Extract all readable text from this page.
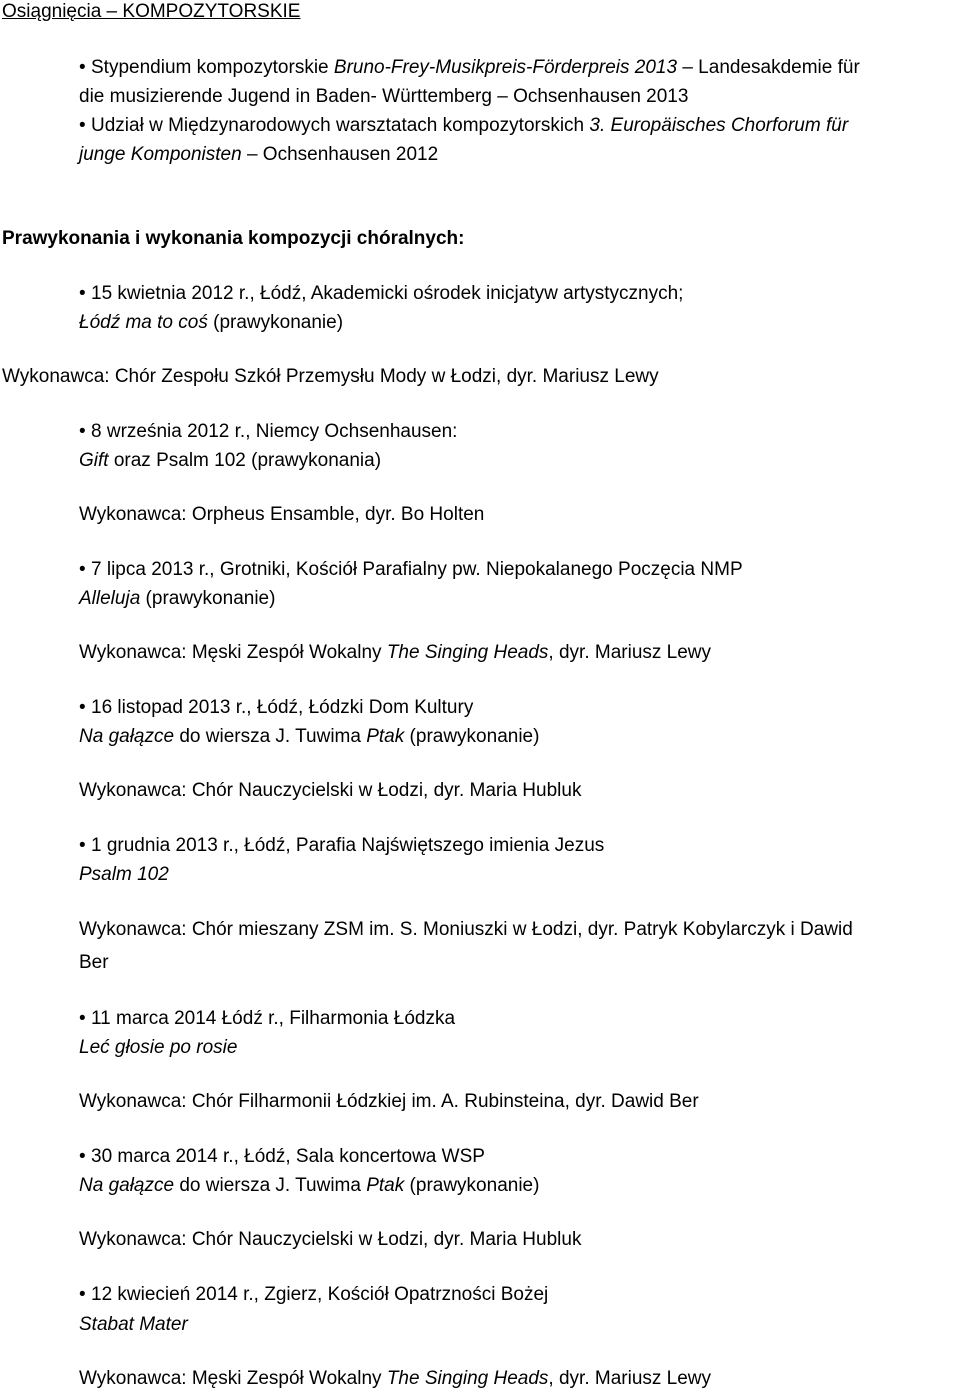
Osiągnięcia – KOMPOZYTORSKIE
• Stypendium kompozytorskie Bruno-Frey-Musikpreis-Förderpreis 2013 – Landesakdemie für
die musizierende Jugend in Baden- Württemberg – Ochsenhausen 2013
• Udział w Międzynarodowych warsztatach kompozytorskich 3. Europäisches Chorforum für
junge Komponisten – Ochsenhausen 2012
Prawykonania i wykonania kompozycji chóralnych:
• 15 kwietnia 2012 r., Łódź, Akademicki ośrodek inicjatyw artystycznych;
Łódź ma to coś (prawykonanie)
Wykonawca: Chór Zespołu Szkół Przemysłu Mody w Łodzi, dyr. Mariusz Lewy
• 8 września 2012 r., Niemcy Ochsenhausen:
Gift oraz Psalm 102 (prawykonania)
Wykonawca: Orpheus Ensamble, dyr. Bo Holten
• 7 lipca 2013 r., Grotniki, Kościół Parafialny pw. Niepokalanego Poczęcia NMP
Alleluja (prawykonanie)
Wykonawca: Męski Zespół Wokalny The Singing Heads, dyr. Mariusz Lewy
• 16 listopad 2013 r., Łódź, Łódzki Dom Kultury
Na gałązce do wiersza J. Tuwima Ptak (prawykonanie)
Wykonawca: Chór Nauczycielski w Łodzi, dyr. Maria Hubluk
• 1 grudnia 2013 r., Łódź, Parafia Najświętszego imienia Jezus
Psalm 102
Wykonawca: Chór mieszany ZSM im. S. Moniuszki w Łodzi, dyr. Patryk Kobylarczyk i Dawid
Ber
• 11 marca 2014 Łódź r., Filharmonia Łódzka
Leć głosie po rosie
Wykonawca: Chór Filharmonii Łódzkiej im. A. Rubinsteina, dyr. Dawid Ber
• 30 marca 2014 r., Łódź, Sala koncertowa WSP
Na gałązce do wiersza J. Tuwima Ptak (prawykonanie)
Wykonawca: Chór Nauczycielski w Łodzi, dyr. Maria Hubluk
• 12 kwiecień 2014 r., Zgierz, Kościół Opatrzności Bożej
Stabat Mater
Wykonawca: Męski Zespół Wokalny The Singing Heads, dyr. Mariusz Lewy
